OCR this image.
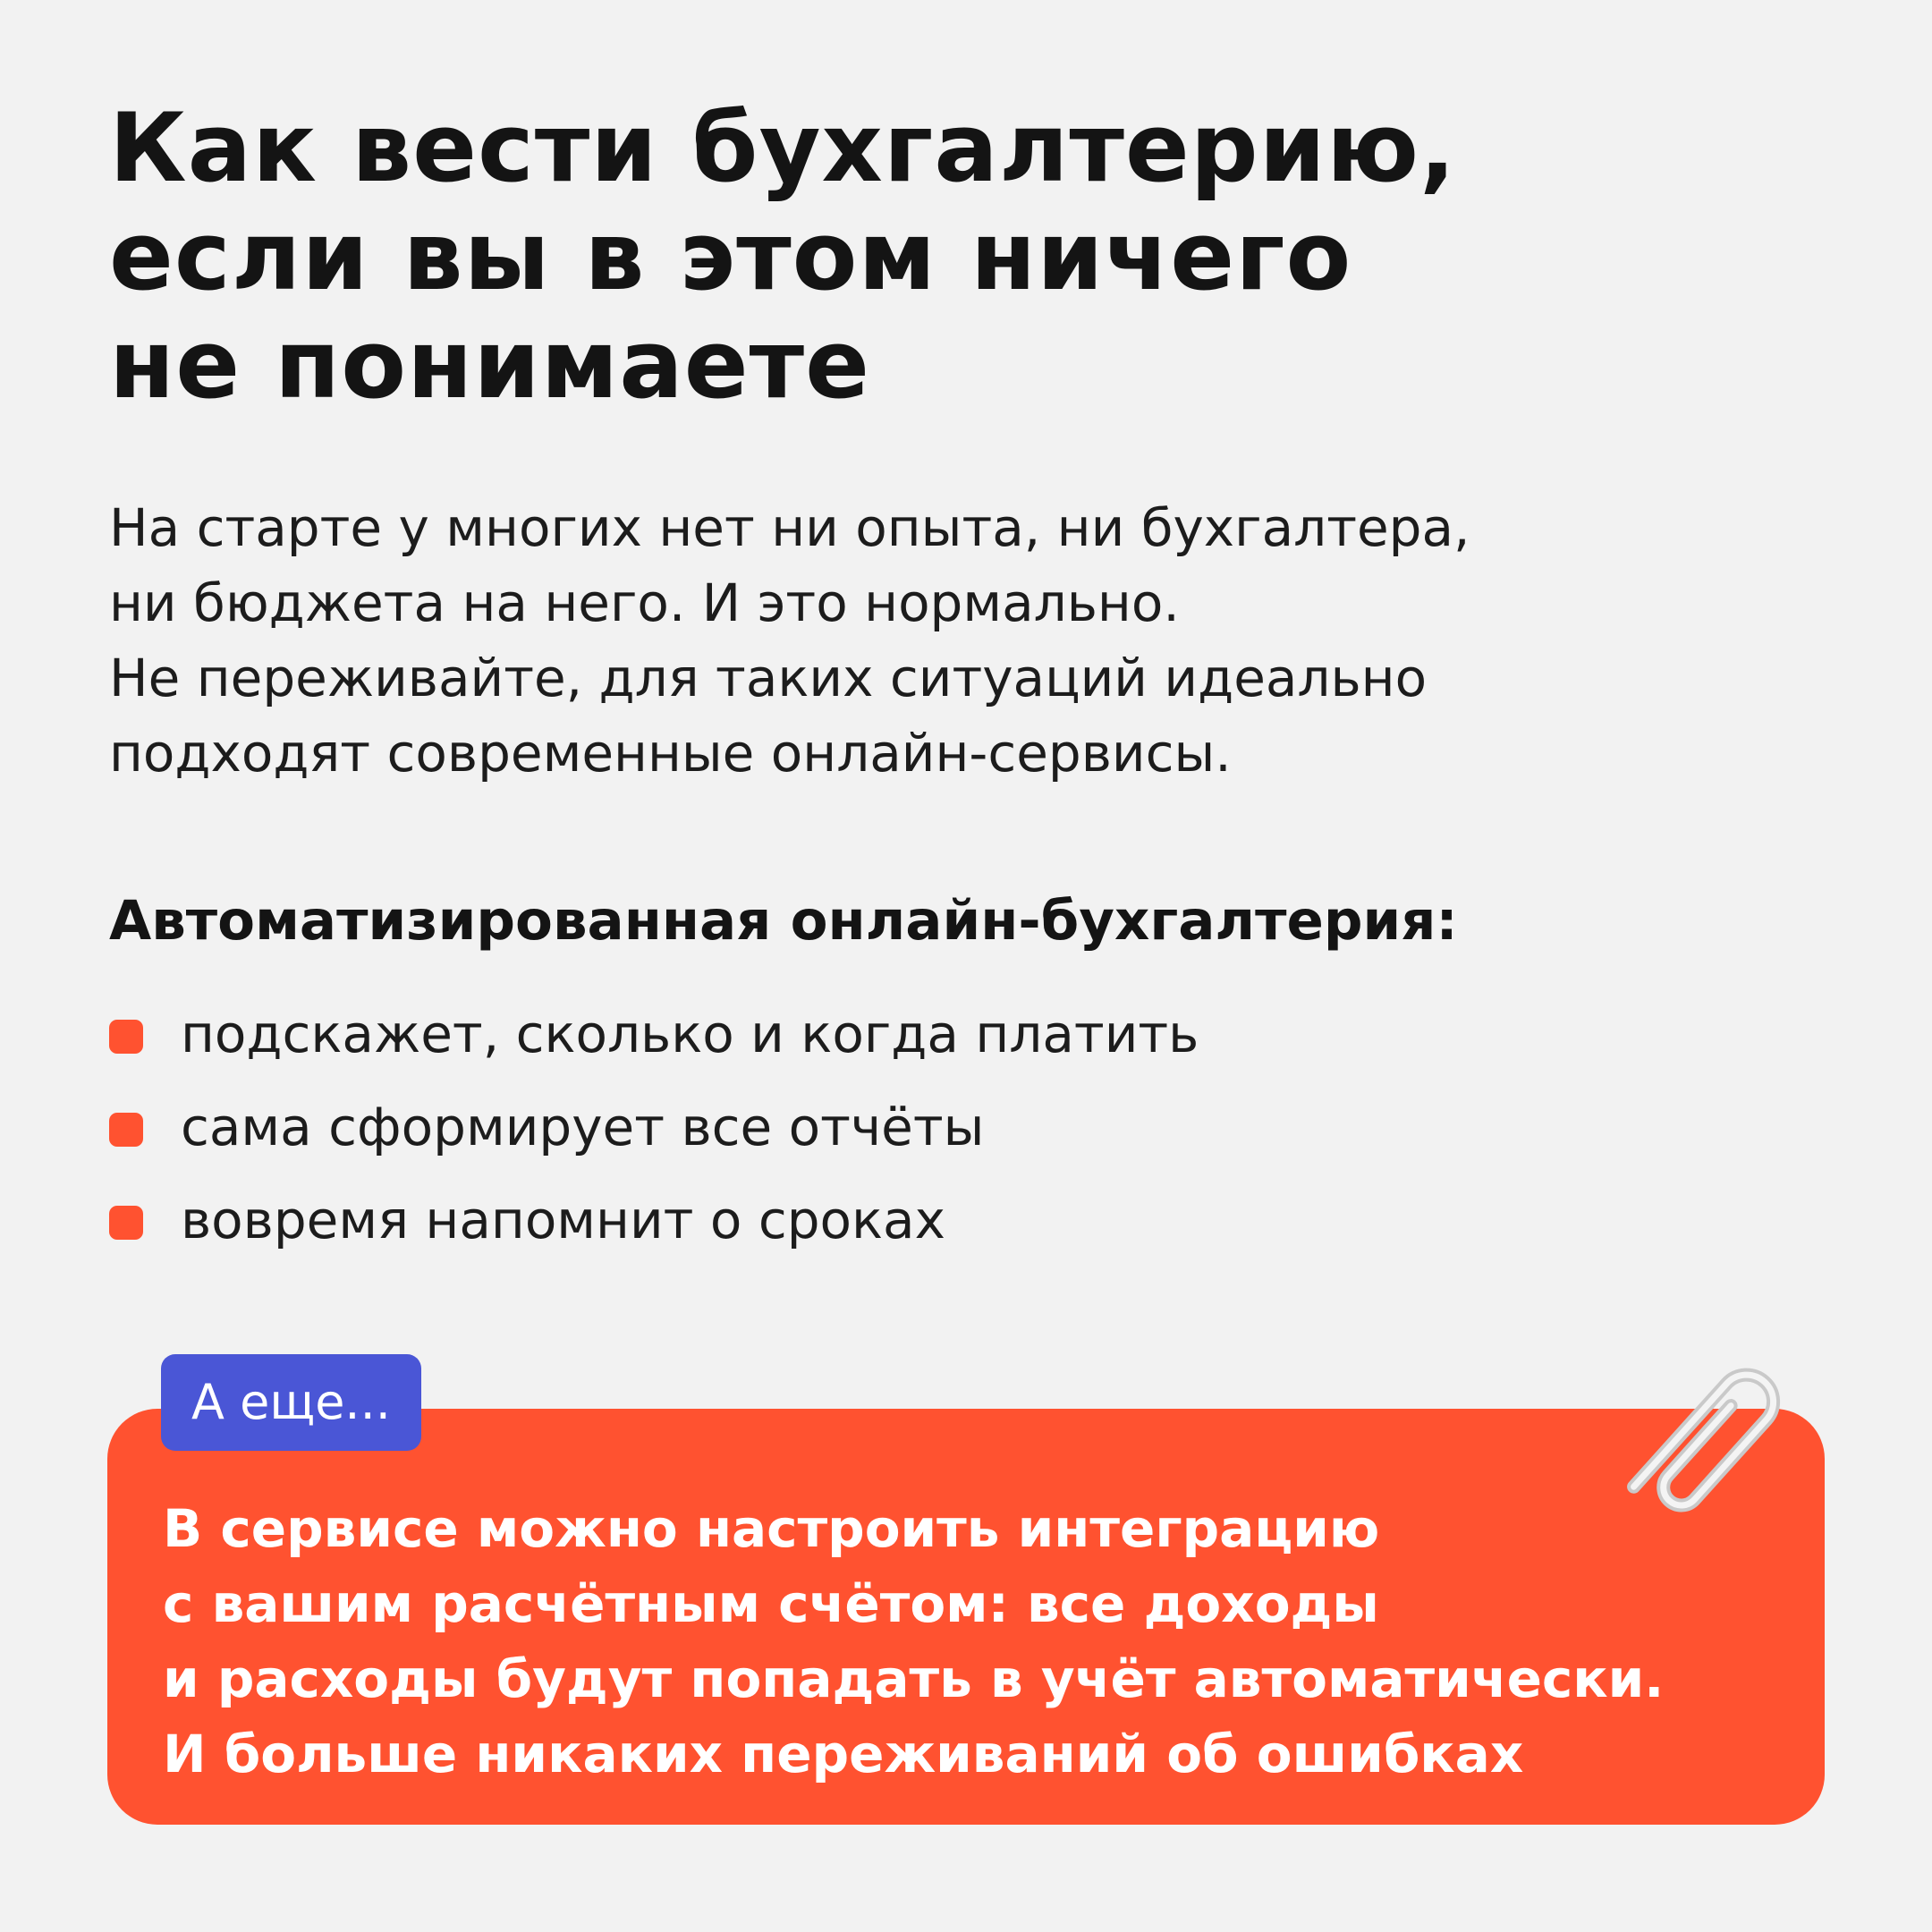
Как вести бухгалтерию,
если вы в этом ничего
не понимаете

На старте у многих нет ни опыта, ни бухгалтера,
ни бюджета на него. И это нормально.
Не переживайте, для таких ситуаций идеально
подходят современные онлайн-сервисы.

Автоматизированная онлайн-бухгалтерия:
подскажет, сколько и когда платить
сама сформирует все отчёты
вовремя напомнит о сроках

В сервисе можно настроить интеграцию
с вашим расчётным счётом: все доходы
и расходы будут попадать в учёт автоматически.
И больше никаких переживаний об ошибках

А еще...
